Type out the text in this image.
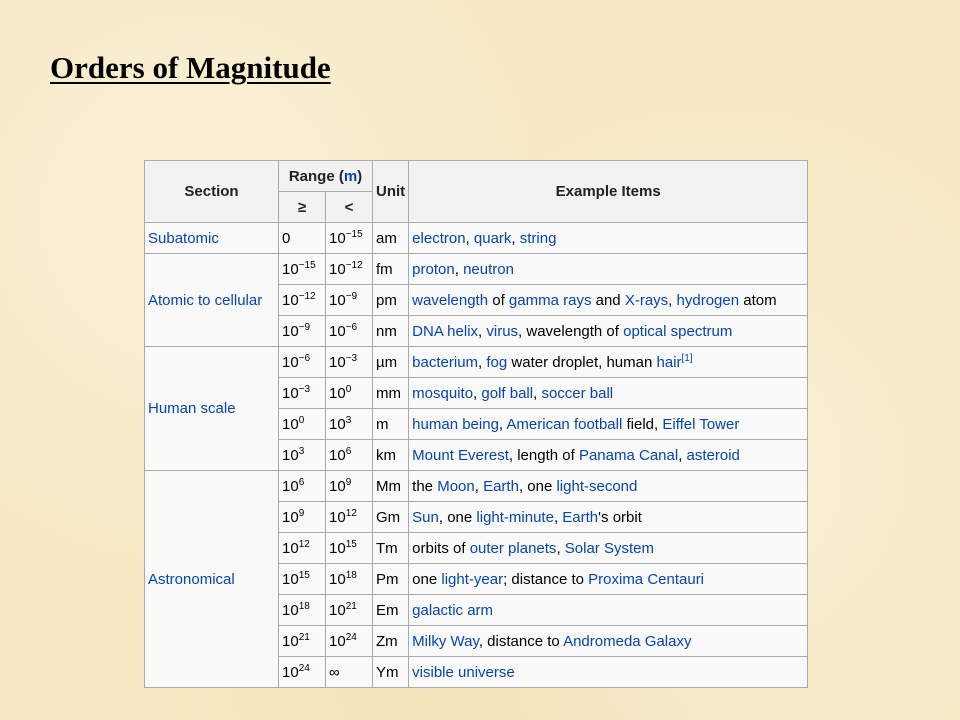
Orders of Magnitude
Section	Range (m)		Unit	Example Items
	≥	<		
Subatomic	0	$10^{-15}$	am	electron, quark, string
Atomic to cellular	$10^{-15}$	$10^{-12}$	fm	proton, neutron
	$10^{-12}$	$10^{-9}$	pm	wavelength of gamma rays and X-rays, hydrogen atom
	$10^{-9}$	$10^{-6}$	nm	DNA helix, virus, wavelength of optical spectrum
Human scale	$10^{-6}$	$10^{-3}$	µm	bacterium, fog water droplet, human hair[1]
	$10^{-3}$	$10^0$	mm	mosquito, golf ball, soccer ball
	$10^0$	$10^3$	m	human being, American football field, Eiffel Tower
	$10^3$	$10^6$	km	Mount Everest, length of Panama Canal, asteroid
Astronomical	$10^6$	$10^9$	Mm	the Moon, Earth, one light-second
	$10^9$	$10^{12}$	Gm	Sun, one light-minute, Earth's orbit
	$10^{12}$	$10^{15}$	Tm	orbits of outer planets, Solar System
	$10^{15}$	$10^{18}$	Pm	one light-year; distance to Proxima Centauri
	$10^{18}$	$10^{21}$	Em	galactic arm
	$10^{21}$	$10^{24}$	Zm	Milky Way, distance to Andromeda Galaxy
	$10^{24}$	∞	Ym	visible universe
